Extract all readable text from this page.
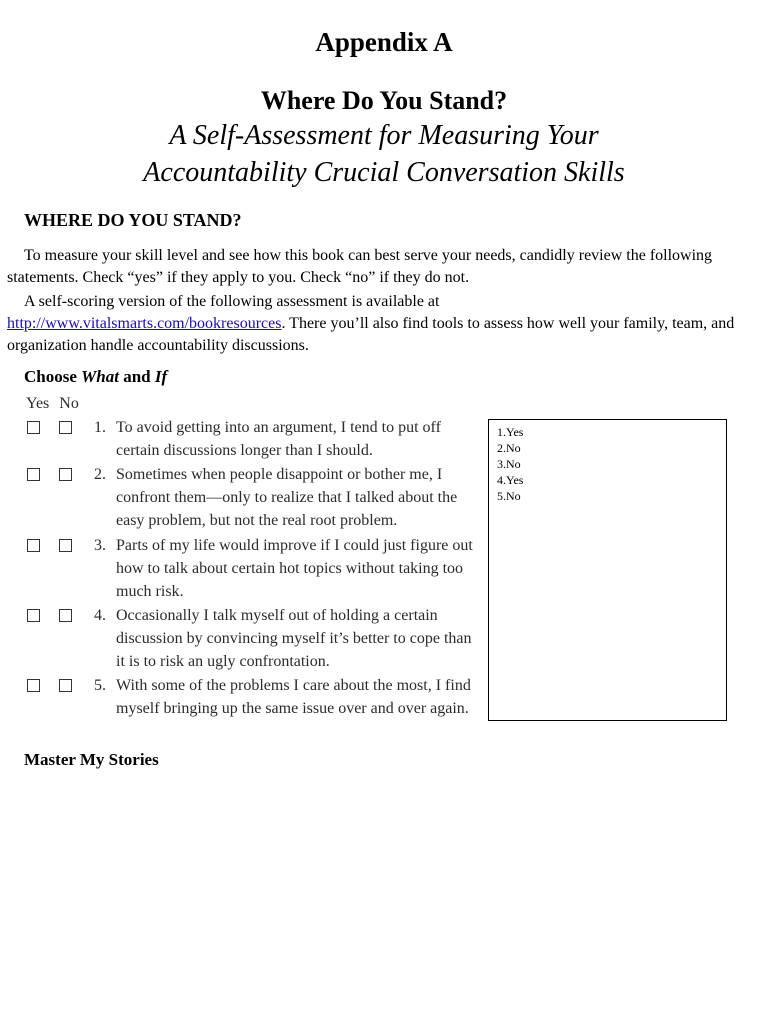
Appendix A
Where Do You Stand?
A Self-Assessment for Measuring Your
Accountability Crucial Conversation Skills
WHERE DO YOU STAND?
To measure your skill level and see how this book can best serve your needs, candidly review the following statements. Check “yes” if they apply to you. Check “no” if they do not.
A self-scoring version of the following assessment is available at
http://www.vitalsmarts.com/bookresources. There you’ll also find tools to assess how well your family, team, and organization handle accountability discussions.
Choose What and If
Yes No
1. To avoid getting into an argument, I tend to put off certain discussions longer than I should.
2. Sometimes when people disappoint or bother me, I confront them—only to realize that I talked about the easy problem, but not the real root problem.
3. Parts of my life would improve if I could just figure out how to talk about certain hot topics without taking too much risk.
4. Occasionally I talk myself out of holding a certain discussion by convincing myself it’s better to cope than it is to risk an ugly confrontation.
5. With some of the problems I care about the most, I find myself bringing up the same issue over and over again.
1.Yes
2.No
3.No
4.Yes
5.No
Master My Stories
